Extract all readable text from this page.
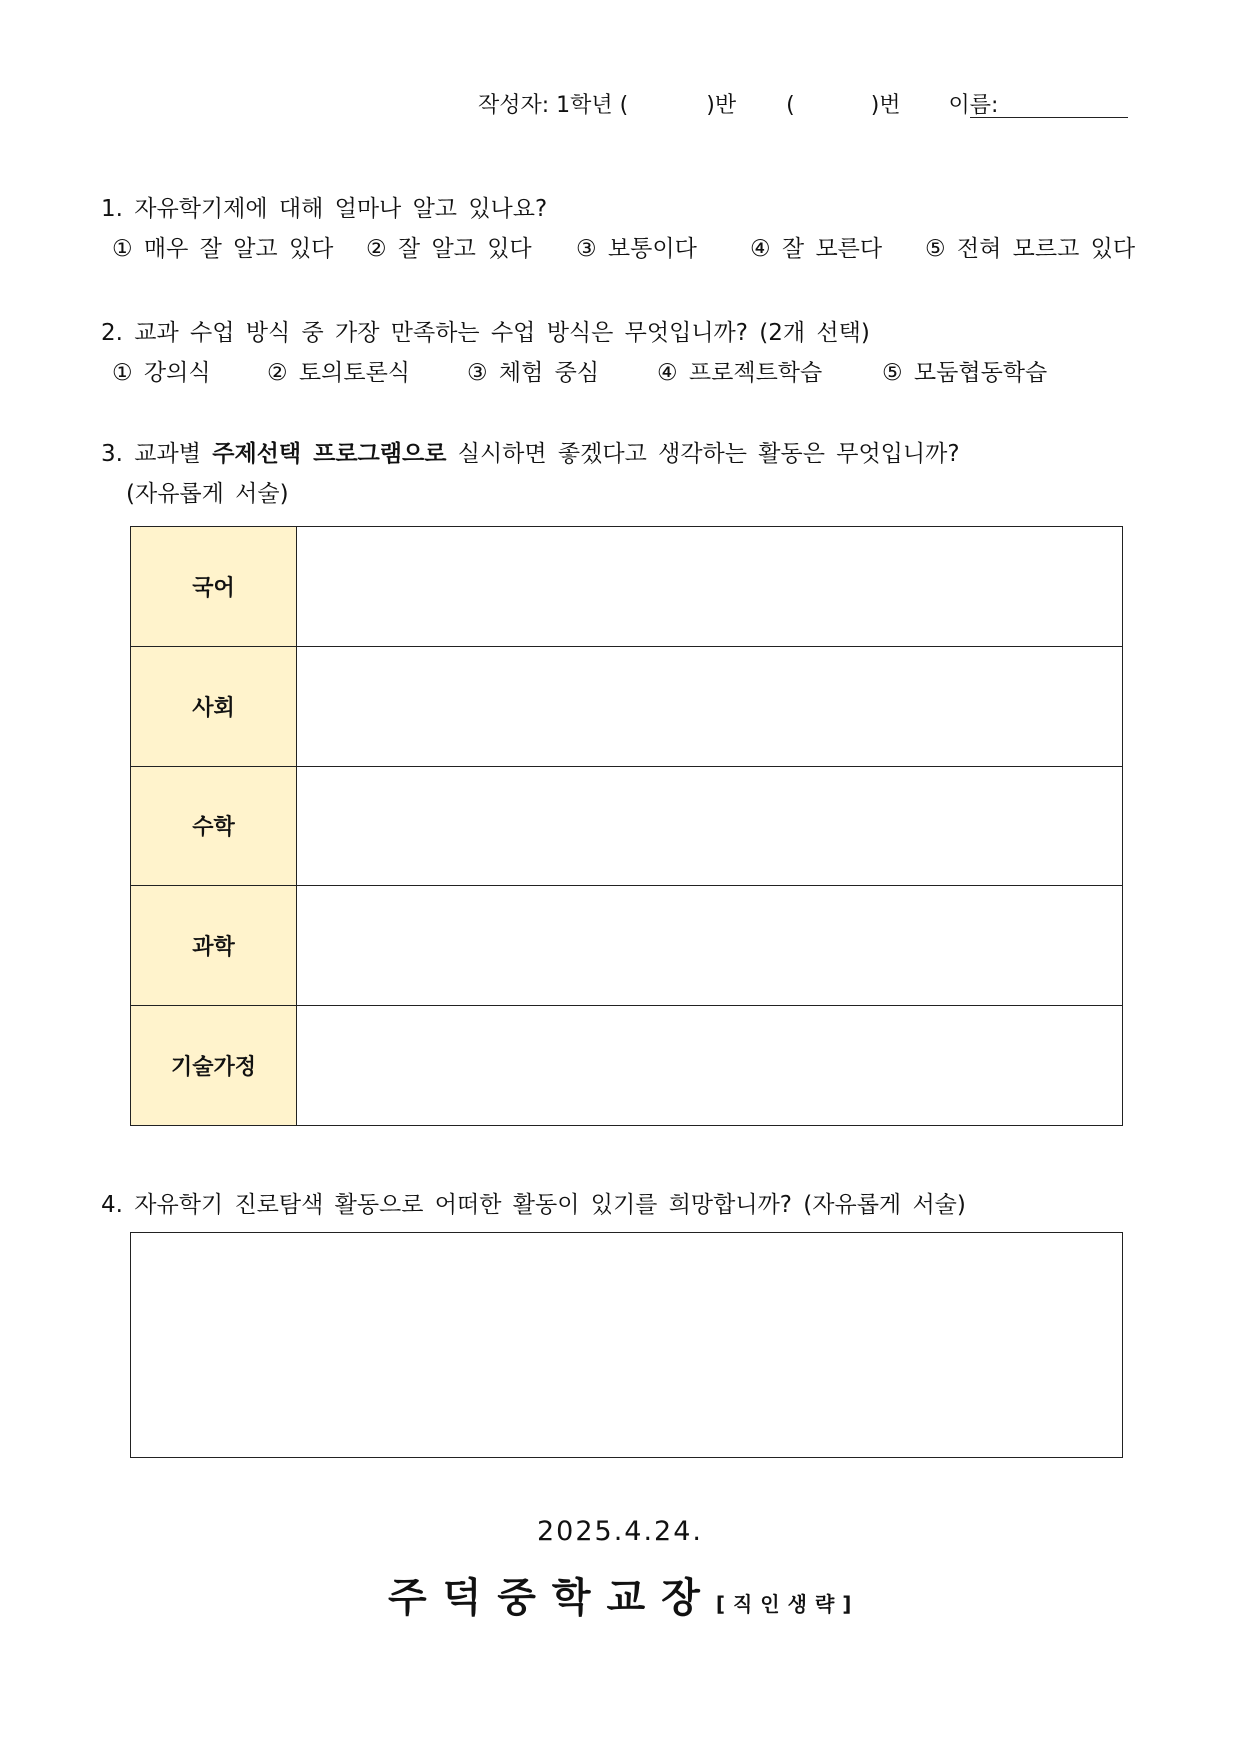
작성자: 1학년 (	)반 (	)번 이름:
1. 자유학기제에 대해 얼마나 알고 있나요?
① 매우 잘 알고 있다 ② 잘 알고 있다 ③ 보통이다 ④ 잘 모른다 ⑤ 전혀 모르고 있다
2. 교과 수업 방식 중 가장 만족하는 수업 방식은 무엇입니까? (2개 선택)
① 강의식 ② 토의토론식 ③ 체험 중심	④ 프로젝트학습	⑤ 모둠협동학습
3. 교과별 주제선택 프로그램으로 실시하면 좋겠다고 생각하는 활동은 무엇입니까?
(자유롭게 서술)
국어	
사회	
수학	
과학	
기술가정	
4. 자유학기 진로탐색 활동으로 어떠한 활동이 있기를 희망합니까? (자유롭게 서술)
2025.4.24.
주덕중학교장[직인생략]
